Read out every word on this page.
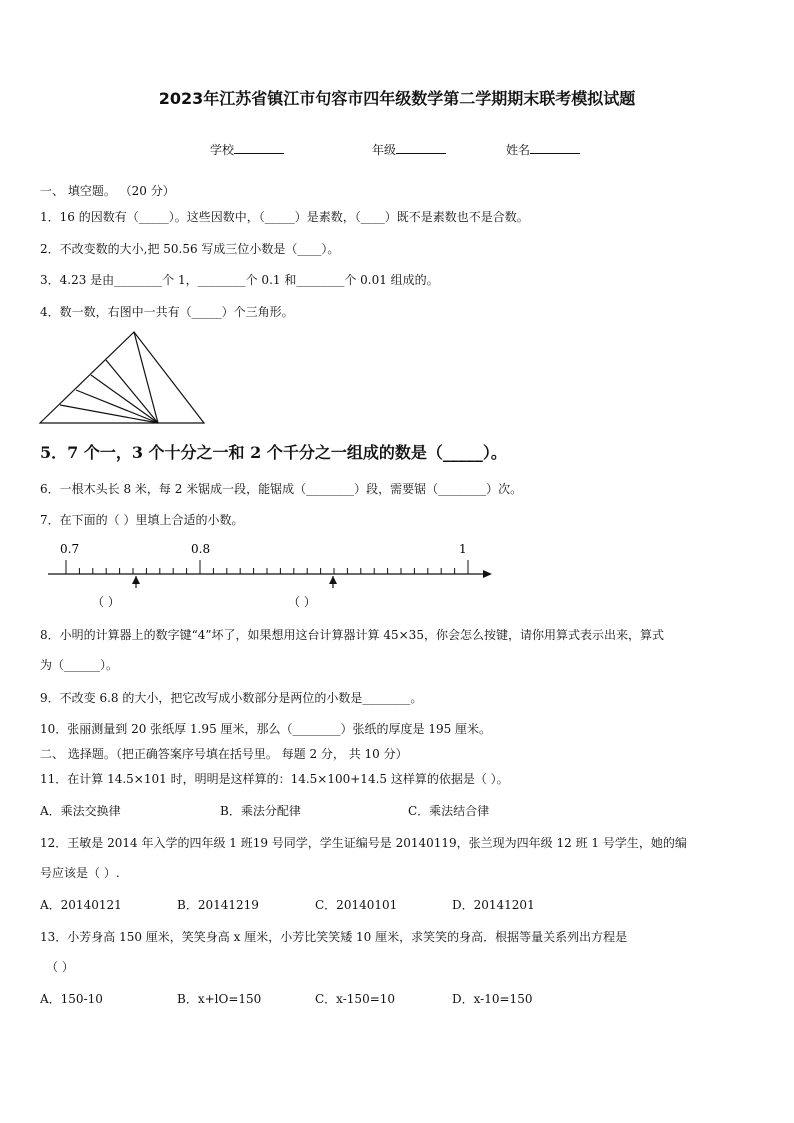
2023年江苏省镇江市句容市四年级数学第二学期期末联考模拟试题
学校	年级	姓名
一、 填空题。 （20 分）
1．16 的因数有（_____）。这些因数中，（_____）是素数，（____）既不是素数也不是合数。
2．不改变数的大小,把 50.56 写成三位小数是（____）。
3．4.23 是由________个 1，________个 0.1 和________个 0.01 组成的。
4．数一数，右图中一共有（_____）个三角形。
5．7 个一，3 个十分之一和 2 个千分之一组成的数是（_____）。
6．一根木头长 8 米，每 2 米锯成一段，能锯成（________）段，需要锯（________）次。
7．在下面的（ ）里填上合适的小数。
0.7	0.8	1
（ ）	（ ）
8．小明的计算器上的数字键“4”坏了，如果想用这台计算器计算 45×35，你会怎么按键，请你用算式表示出来，算式
为（______）。
9．不改变 6.8 的大小，把它改写成小数部分是两位的小数是________。
10．张丽测量到 20 张纸厚 1.95 厘米，那么（________）张纸的厚度是 195 厘米。
二、 选择题。（把正确答案序号填在括号里。 每题 2 分， 共 10 分）
11．在计算 14.5×101 时，明明是这样算的：14.5×100+14.5 这样算的依据是（ ）。
A．乘法交换律	B．乘法分配律	C．乘法结合律
12．王敏是 2014 年入学的四年级 1 班19 号同学，学生证编号是 20140119，张兰现为四年级 12 班 1 号学生，她的编
号应该是（ ）.
A．20140121	B．20141219	C．20140101	D．20141201
13．小芳身高 150 厘米，笑笑身高 x 厘米，小芳比笑笑矮 10 厘米，求笑笑的身高．根据等量关系列出方程是
（ ）
A．150-10	B．x+lO=150	C．x-150=10	D．x-10=150
